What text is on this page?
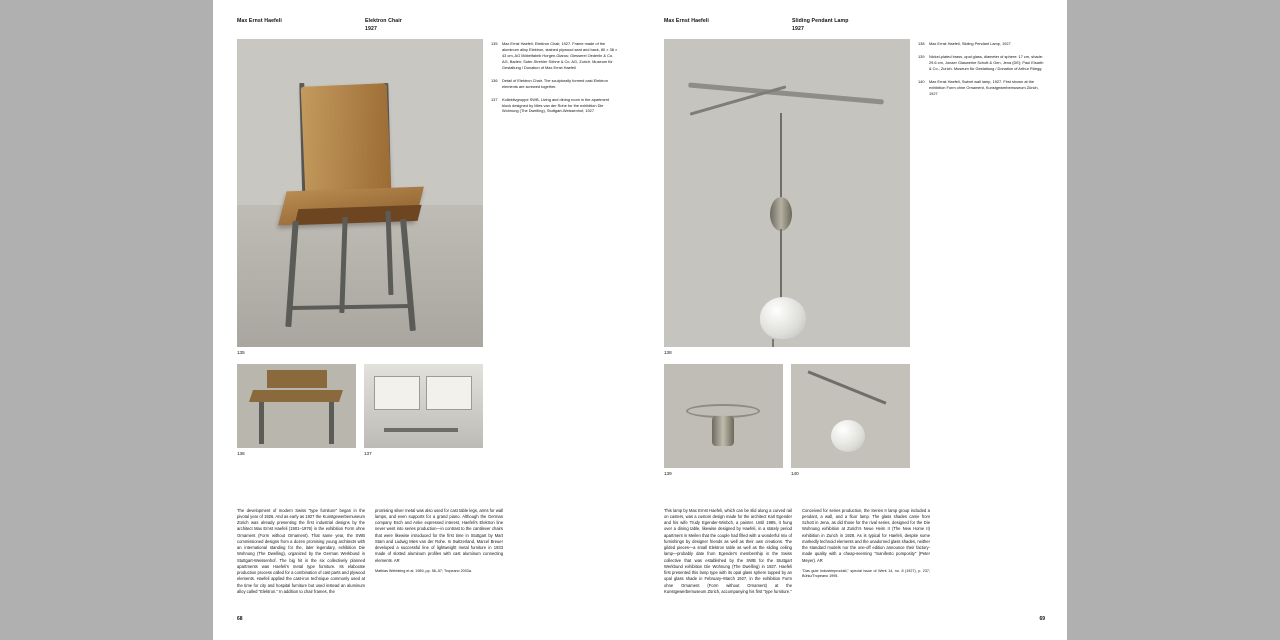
Max Ernst Haefeli	Elektron Chair
1927
135
135	Max Ernst Haefeli, Elektron Chair, 1927. Frame made of the aluminum alloy Elektron, stained plywood seat and back, 80 × 38 × 43 cm, AG Möbelfabrik Horgen-Glarus; Giesserei Oederlin & Co. AG, Baden; Suter-Strehler Söhne & Co. AG, Zurich. Museum für Gestaltung / Donation of Max Ernst Haefeli
136	Detail of Elektron Chair. The sculpturally formed cast Elektron elements are screwed together.
137	Kollektivgruppe SWB, Living and dining room in the apartment block designed by Mies van der Rohe for the exhibition Die Wohnung (The Dwelling), Stuttgart-Weissenhof, 1927
136	137

The development of modern Swiss "type furniture" began in the pivotal year of 1926. And as early as 1927 the Kunstgewerbemuseum Zürich was already presenting the first industrial designs by the architect Max Ernst Haefeli (1901–1976) in the exhibition Form ohne Ornament (Form without Ornament). That same year, the SWB commissioned designs from a dozen promising young architects with an international standing for the, later legendary, exhibition Die Wohnung (The Dwelling), organized by the German Werkbund in Stuttgart-Weissenhof. The big hit in the six collectively planned apartments was Haefeli's metal type furniture. Its elaborate production process called for a combination of cast parts and plywood elements. Haefeli applied the cast-iron technique commonly used at the time for city and hospital furniture but used instead an aluminum alloy called "Elektron." In addition to chair frames, the

promising silver metal was also used for cast table legs, arms for wall lamps, and even supports for a grand piano. Although the German company Esch and Anke expressed interest, Haefeli's Elektron line never went into series production—in contrast to the cantilever chairs that were likewise introduced for the first time in Stuttgart by Mart Stam and Ludwig Mies van der Rohe. In Switzerland, Marcel Breuer developed a successful line of lightweight metal furniture in 1933 made of slotted aluminum profiles with cast aluminum connecting elements. AR

Mathias Webbking et al. 1989, pp. 56–57; Tropeano 2003a.
68
Max Ernst Haefeli	Sliding Pendant Lamp
1927
138
138	Max Ernst Haefeli, Sliding Pendant Lamp, 1927
139	Nickel-plated brass, opal glass, diameter of sphere: 17 cm, shade: 29.6 cm, Jonaer Glaswerke Schott & Gen, Jena (DE); Paul Elsarth & Co., Zurich. Museum für Gestaltung / Donation of Arthur Rüegg
140	Max Ernst Haefeli, Swivel wall lamp, 1927. First shown at the exhibition Form ohne Ornament, Kunstgewerbemuseum Zürich, 1927
139	140

This lamp by Max Ernst Haefeli, which can be slid along a curved rail on casters, was a custom design made for the architect Karl Egender and his wife Trudy Egender-Winbch, a painter. Until 1985, it hung over a dining table, likewise designed by Haefeli, in a stately period apartment in Meilen that the couple had filled with a wonderful mix of furnishings by designer friends as well as their own creations. The gilded pieces—a small Elektron table as well as the sliding ceiling lamp—probably date from Egender's membership in the Swiss collective that was established by the SWB for the Stuttgart Werkbund exhibition Die Wohnung (The Dwelling) in 1927. Haefeli first presented this lamp type with its opal glass sphere topped by an opal glass shade in February–March 1927, in the exhibition Form ohne Ornament (Form without Ornament) at the Kunstgewerbemuseum Zürich, accompanying his first "type furniture."

Conceived for series production, the Series II lamp group included a pendant, a wall, and a floor lamp. The glass shades came from Schott in Jena, as did those for the rival series, designed for the Die Wohnung exhibition at Zurich's Neue Heim II (The New Home II) exhibition in Zurich in 1928. As is typical for Haefeli, despite some markedly technoid elements and the unadorned glass shades, neither the standard models nor the one-off edition announce their factory-made quality with a cheap-seeming "manifesto pomposity" (Peter Meyer). AR

"Das gute Industrieprodukt," special issue of Werk 14, no. 8 (1927), p. 237; Bühlu/Tropeano 1995.
69
